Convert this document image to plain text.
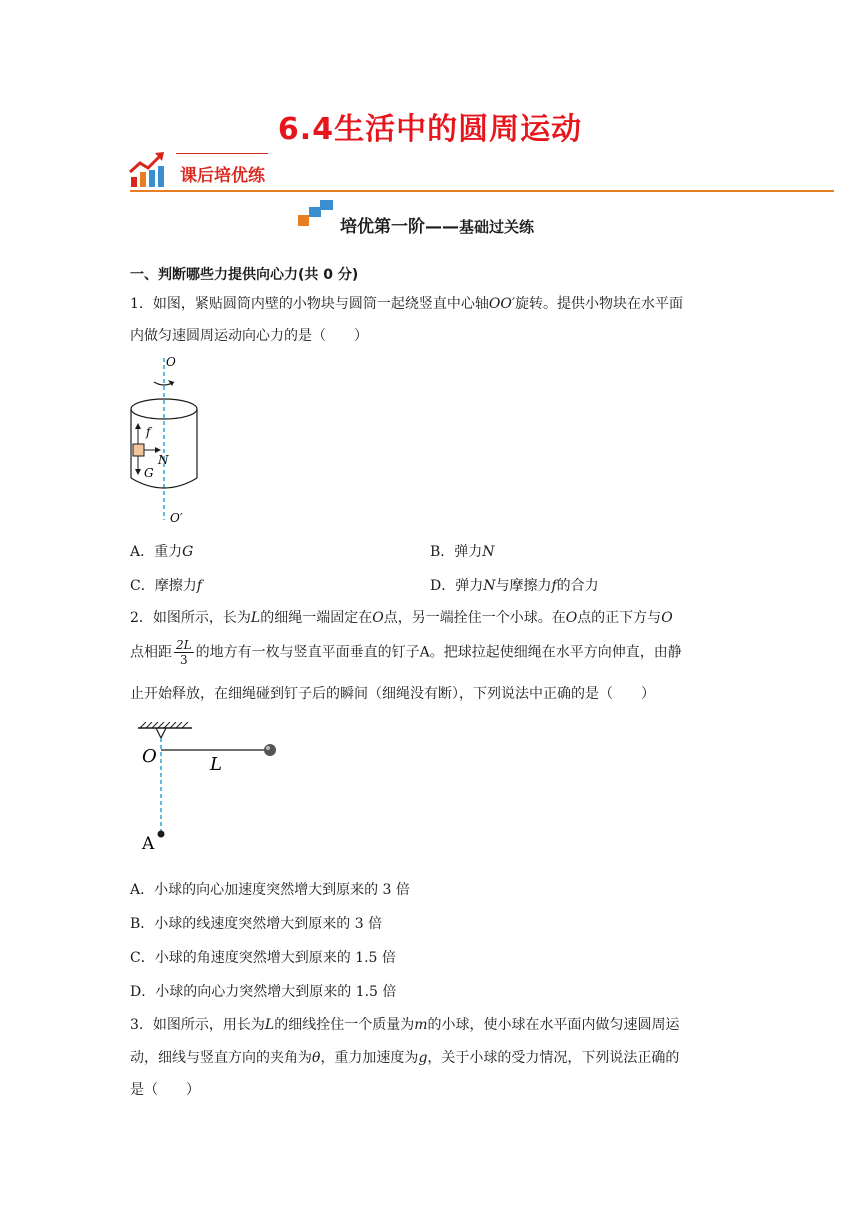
6.4生活中的圆周运动
课后培优练
培优第一阶——基础过关练
一、判断哪些力提供向心力(共 0 分)
1．如图，紧贴圆筒内壁的小物块与圆筒一起绕竖直中心轴OO′旋转。提供小物块在水平面
内做匀速圆周运动向心力的是（　　）
O
O′
f
N
G
A．重力G	B．弹力N
C．摩擦力f	D．弹力N与摩擦力f的合力
2．如图所示，长为L的细绳一端固定在O点，另一端拴住一个小球。在O点的正下方与O
点相距 $\frac{2L}{3}$ 的地方有一枚与竖直平面垂直的钉子A。把球拉起使细绳在水平方向伸直，由静
止开始释放，在细绳碰到钉子后的瞬间（细绳没有断），下列说法中正确的是（　　）
O	L
A
A．小球的向心加速度突然增大到原来的 3 倍
B．小球的线速度突然增大到原来的 3 倍
C．小球的角速度突然增大到原来的 1.5 倍
D．小球的向心力突然增大到原来的 1.5 倍
3．如图所示，用长为L的细线拴住一个质量为m的小球，使小球在水平面内做匀速圆周运
动，细线与竖直方向的夹角为θ，重力加速度为g，关于小球的受力情况，下列说法正确的
是（　　）
